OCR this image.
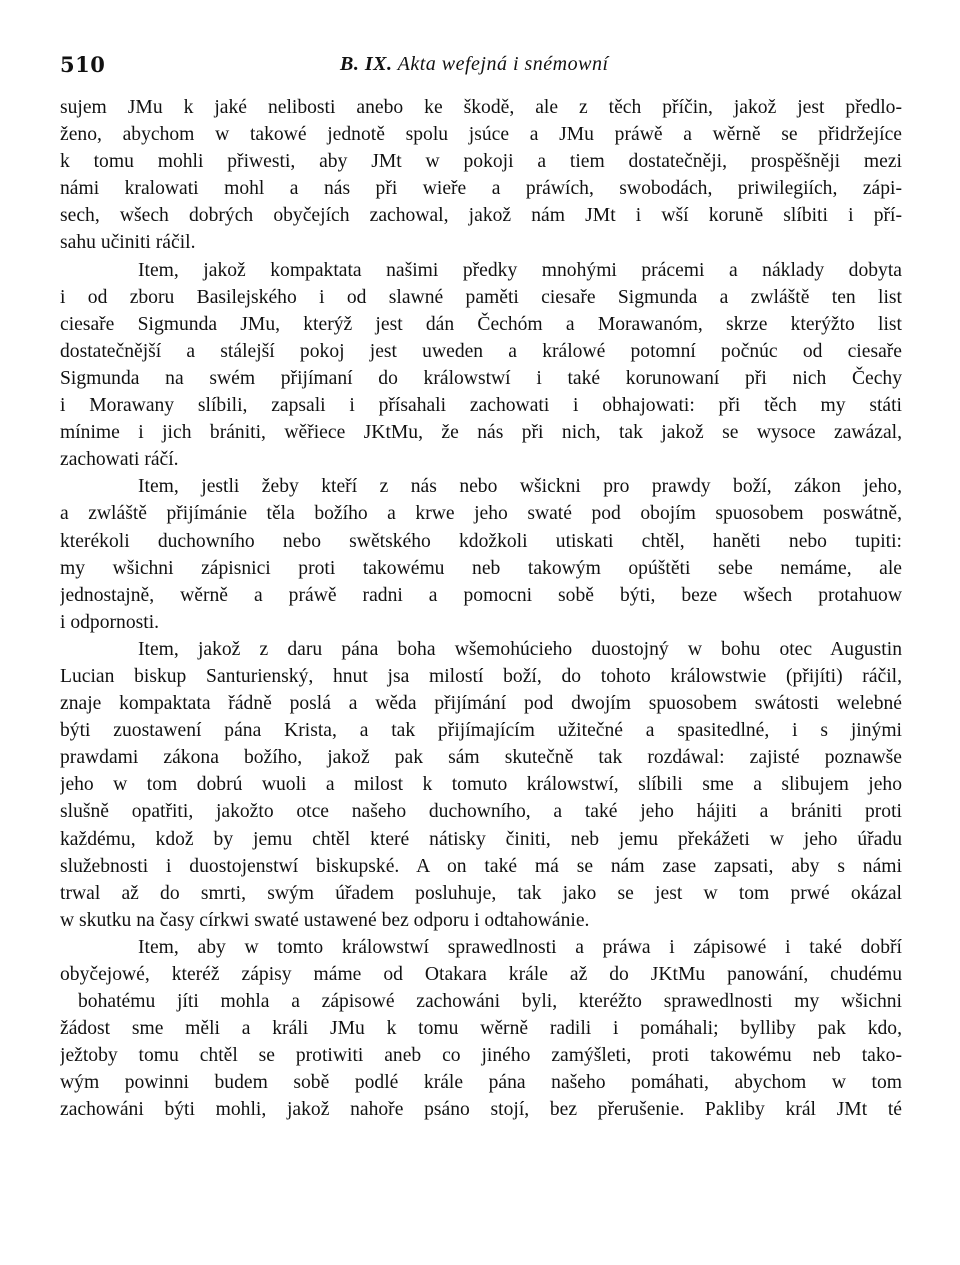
510	B. IX. Akta wefejná i snémowní
sujem JMu k jaké nelibosti anebo ke škodě, ale z těch příčin, jakož jest předlo-
ženo, abychom w takowé jednotě spolu jsúce a JMu práwě a wěrně se přidržejíce
k tomu mohli přiwesti, aby JMt w pokoji a tiem dostatečněji, prospěšněji mezi
námi kralowati mohl a nás při wieře a práwích, swobodách, priwilegiích, zápi-
sech, wšech dobrých obyčejích zachowal, jakož nám JMt i wší korunĕ slíbiti i pří-
sahu učiniti ráčil.
Item, jakož kompaktata našimi předky mnohými prácemi a náklady dobyta
i od zboru Basilejského i od slawné paměti ciesaře Sigmunda a zwláště ten list
ciesaře Sigmunda JMu, kterýž jest dán Čechóm a Morawanóm, skrze kterýžto list
dostatečnější a stálejší pokoj jest uweden a králowé potomní počnúc od ciesaře
Sigmunda na swém přijímaní do králowstwí i také korunowaní při nich Čechy
i Morawany slíbili, zapsali i přísahali zachowati i obhajowati: při těch my státi
mínime i jich brániti, wěřiece JKtMu, že nás při nich, tak jakož se wysoce zawázal,
zachowati ráčí.
Item, jestli žeby kteří z nás nebo wšickni pro prawdy boží, zákon jeho,
a zwláště přijímánie těla božího a krwe jeho swaté pod obojím spuosobem poswátně,
kterékoli duchowního nebo swětského kdožkoli utiskati chtěl, haněti nebo tupiti:
my wšichni zápisnici proti takowému neb takowým opúštěti sebe nemáme, ale
jednostajně, wěrně a práwě radni a pomocni sobě býti, beze wšech protahuow
i odpornosti.
Item, jakož z daru pána boha wšemohúcieho duostojný w bohu otec Augustin
Lucian biskup Santurienský, hnut jsa milostí boží, do tohoto králowstwie (přijíti) ráčil,
znaje kompaktata řádně poslá a wěda přijímání pod dwojím spuosobem swátosti welebné
býti zuostawení pána Krista, a tak přijímajícím užitečné a spasitedlné, i s jinými
prawdami zákona božího, jakož pak sám skutečně tak rozdáwal: zajisté poznawše
jeho w tom dobrú wuoli a milost k tomuto králowstwí, slíbili sme a slibujem jeho
slušně opatřiti, jakožto otce našeho duchowního, a také jeho hájiti a brániti proti
každému, kdož by jemu chtěl které nátisky činiti, neb jemu překážeti w jeho úřadu
služebnosti i duostojenstwí biskupské. A on také má se nám zase zapsati, aby s námi
trwal až do smrti, swým úřadem posluhuje, tak jako se jest w tom prwé okázal
w skutku na časy církwi swaté ustawené bez odporu i odtahowánie.
Item, aby w tomto králowstwí sprawedlnosti a práwa i zápisowé i také dobří
obyčejowé, kteréž zápisy máme od Otakara krále až do JKtMu panowání, chudému
bohatému jíti mohla a zápisowé zachowáni byli, kteréžto sprawedlnosti my wšichni
žádost sme měli a králi JMu k tomu wěrně radili i pomáhali; bylliby pak kdo,
ježtoby tomu chtěl se protiwiti aneb co jiného zamýšleti, proti takowému neb tako-
wým powinni budem sobě podlé krále pána našeho pomáhati, abychom w tom
zachowáni býti mohli, jakož nahoře psáno stojí, bez přerušenie. Pakliby král JMt té
